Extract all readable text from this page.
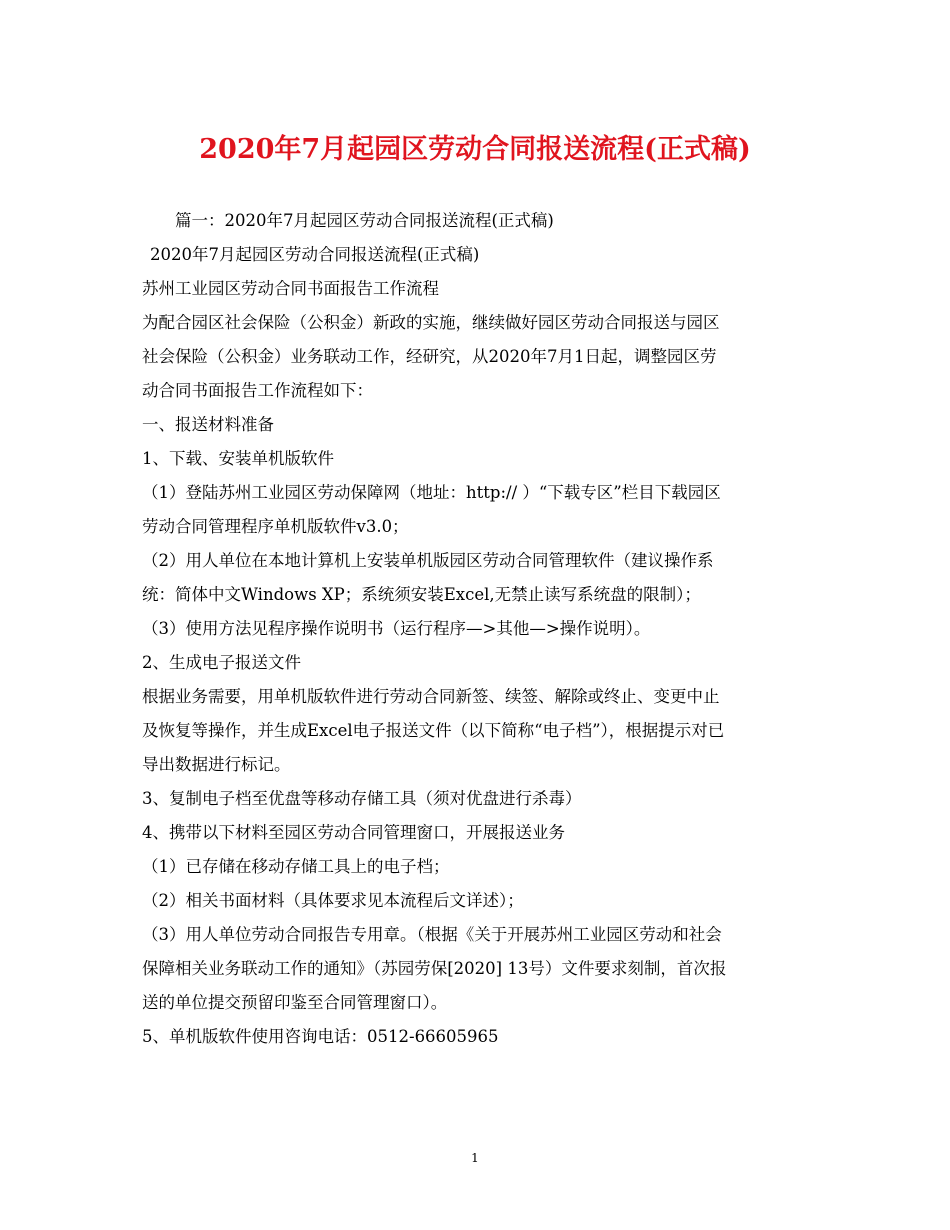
2020年7月起园区劳动合同报送流程(正式稿)
篇一：2020年7月起园区劳动合同报送流程(正式稿)
2020年7月起园区劳动合同报送流程(正式稿)
苏州工业园区劳动合同书面报告工作流程
为配合园区社会保险（公积金）新政的实施，继续做好园区劳动合同报送与园区
社会保险（公积金）业务联动工作，经研究，从2020年7月1日起，调整园区劳
动合同书面报告工作流程如下：
一、报送材料准备
1、下载、安装单机版软件
（1）登陆苏州工业园区劳动保障网（地址：http:// ）“下载专区”栏目下载园区
劳动合同管理程序单机版软件v3.0；
（2）用人单位在本地计算机上安装单机版园区劳动合同管理软件（建议操作系
统：简体中文Windows XP；系统须安装Excel,无禁止读写系统盘的限制）；
（3）使用方法见程序操作说明书（运行程序—>其他—>操作说明）。
2、生成电子报送文件
根据业务需要，用单机版软件进行劳动合同新签、续签、解除或终止、变更中止
及恢复等操作，并生成Excel电子报送文件（以下简称“电子档”），根据提示对已
导出数据进行标记。
3、复制电子档至优盘等移动存储工具（须对优盘进行杀毒）
4、携带以下材料至园区劳动合同管理窗口，开展报送业务
（1）已存储在移动存储工具上的电子档；
（2）相关书面材料（具体要求见本流程后文详述）；
（3）用人单位劳动合同报告专用章。（根据《关于开展苏州工业园区劳动和社会
保障相关业务联动工作的通知》（苏园劳保[2020] 13号）文件要求刻制，首次报
送的单位提交预留印鉴至合同管理窗口）。
5、单机版软件使用咨询电话：0512-66605965
1
